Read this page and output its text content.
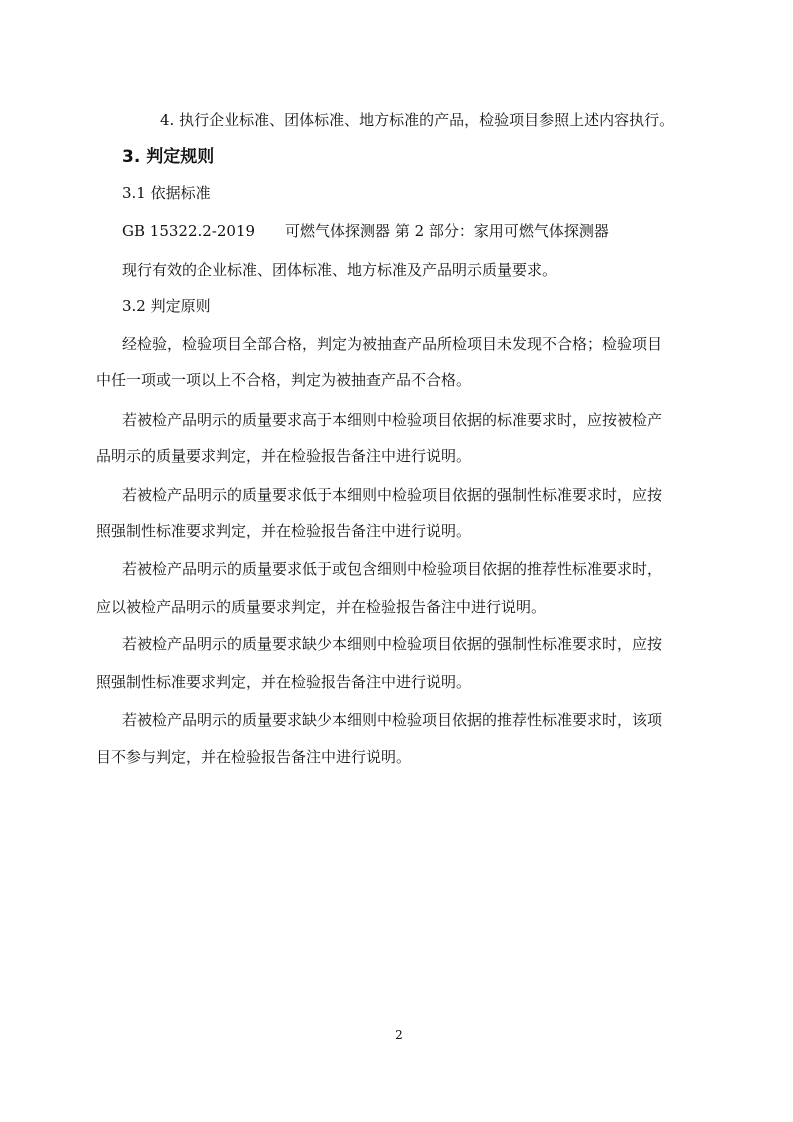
4. 执行企业标准、团体标准、地方标准的产品，检验项目参照上述内容执行。
3. 判定规则
3.1 依据标准
GB 15322.2-2019 可燃气体探测器 第 2 部分：家用可燃气体探测器
现行有效的企业标准、团体标准、地方标准及产品明示质量要求。
3.2 判定原则
经检验，检验项目全部合格，判定为被抽查产品所检项目未发现不合格；检验项目
中任一项或一项以上不合格，判定为被抽查产品不合格。
若被检产品明示的质量要求高于本细则中检验项目依据的标准要求时，应按被检产
品明示的质量要求判定，并在检验报告备注中进行说明。
若被检产品明示的质量要求低于本细则中检验项目依据的强制性标准要求时，应按
照强制性标准要求判定，并在检验报告备注中进行说明。
若被检产品明示的质量要求低于或包含细则中检验项目依据的推荐性标准要求时，
应以被检产品明示的质量要求判定，并在检验报告备注中进行说明。
若被检产品明示的质量要求缺少本细则中检验项目依据的强制性标准要求时，应按
照强制性标准要求判定，并在检验报告备注中进行说明。
若被检产品明示的质量要求缺少本细则中检验项目依据的推荐性标准要求时，该项
目不参与判定，并在检验报告备注中进行说明。
2
